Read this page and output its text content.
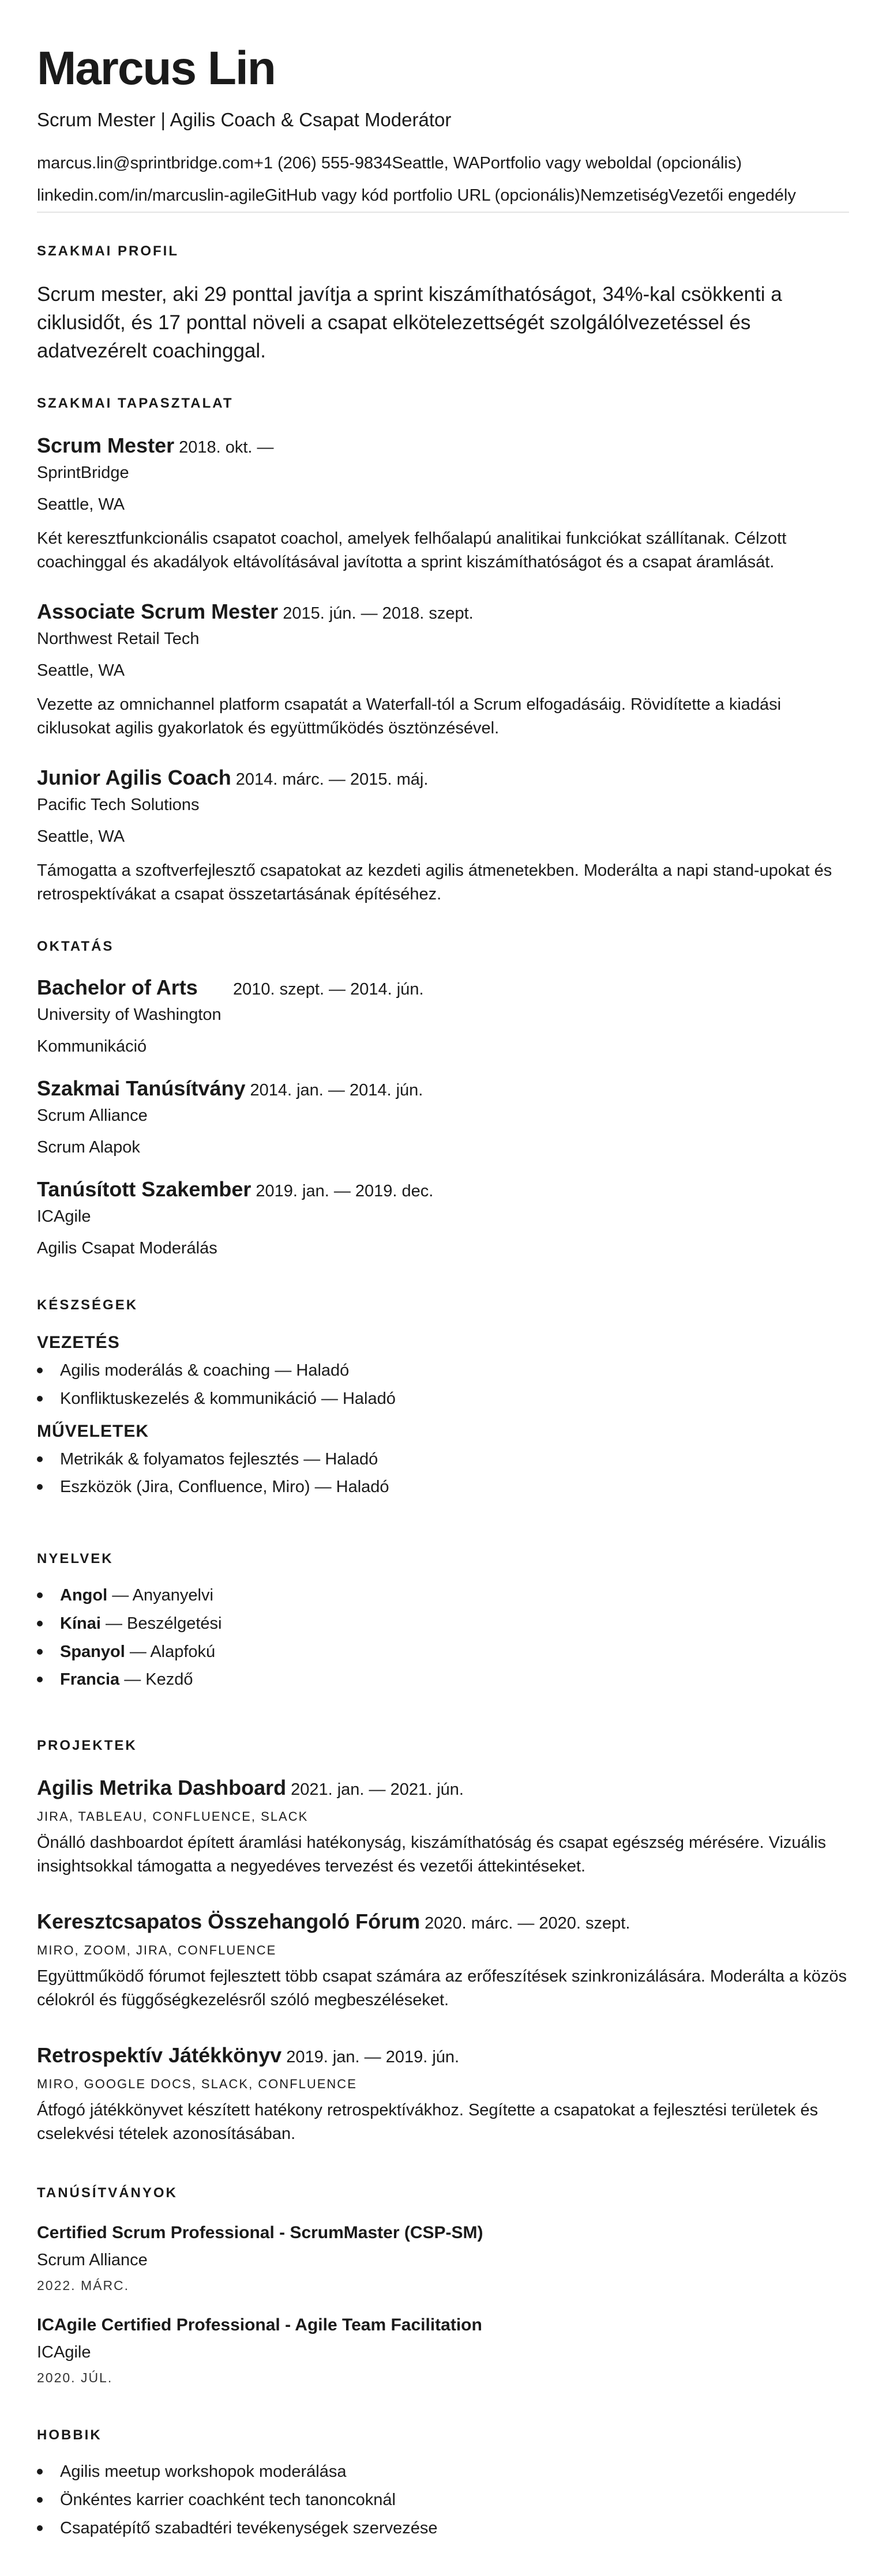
Marcus Lin
Scrum Mester | Agilis Coach & Csapat Moderátor
marcus.lin@sprintbridge.com +1 (206) 555-9834 Seattle, WA Portfolio vagy weboldal (opcionális)
linkedin.com/in/marcuslin-agile GitHub vagy kód portfolio URL (opcionális) Nemzetiség Vezetői engedély
SZAKMAI PROFIL
Scrum mester, aki 29 ponttal javítja a sprint kiszámíthatóságot, 34%-kal csökkenti a ciklusidőt, és 17 ponttal növeli a csapat elkötelezettségét szolgálólvezetéssel és adatvezérelt coachinggal.
SZAKMAI TAPASZTALAT
Scrum Mester 2018. okt. —
SprintBridge
Seattle, WA
Két keresztfunkcionális csapatot coachol, amelyek felhőalapú analitikai funkciókat szállítanak. Célzott coachinggal és akadályok eltávolításával javította a sprint kiszámíthatóságot és a csapat áramlását.
Associate Scrum Mester 2015. jún. — 2018. szept.
Northwest Retail Tech
Seattle, WA
Vezette az omnichannel platform csapatát a Waterfall-tól a Scrum elfogadásáig. Rövidítette a kiadási ciklusokat agilis gyakorlatok és együttműködés ösztönzésével.
Junior Agilis Coach 2014. márc. — 2015. máj.
Pacific Tech Solutions
Seattle, WA
Támogatta a szoftverfejlesztő csapatokat az kezdeti agilis átmenetekben. Moderálta a napi stand-upokat és retrospektívákat a csapat összetartásának építéséhez.
OKTATÁS
Bachelor of Arts	2010. szept. — 2014. jún.
University of Washington
Kommunikáció
Szakmai Tanúsítvány 2014. jan. — 2014. jún.
Scrum Alliance
Scrum Alapok
Tanúsított Szakember 2019. jan. — 2019. dec.
ICAgile
Agilis Csapat Moderálás
KÉSZSÉGEK
VEZETÉS
Agilis moderálás & coaching — Haladó
Konfliktuskezelés & kommunikáció — Haladó
MŰVELETEK
Metrikák & folyamatos fejlesztés — Haladó
Eszközök (Jira, Confluence, Miro) — Haladó
NYELVEK
Angol — Anyanyelvi
Kínai — Beszélgetési
Spanyol — Alapfokú
Francia — Kezdő
PROJEKTEK
Agilis Metrika Dashboard 2021. jan. — 2021. jún.
JIRA, TABLEAU, CONFLUENCE, SLACK
Önálló dashboardot épített áramlási hatékonyság, kiszámíthatóság és csapat egészség mérésére. Vizuális insightsokkal támogatta a negyedéves tervezést és vezetői áttekintéseket.
Keresztcsapatos Összehangoló Fórum 2020. márc. — 2020. szept.
MIRO, ZOOM, JIRA, CONFLUENCE
Együttműködő fórumot fejlesztett több csapat számára az erőfeszítések szinkronizálására. Moderálta a közös célokról és függőségkezelésről szóló megbeszéléseket.
Retrospektív Játékkönyv 2019. jan. — 2019. jún.
MIRO, GOOGLE DOCS, SLACK, CONFLUENCE
Átfogó játékkönyvet készített hatékony retrospektívákhoz. Segítette a csapatokat a fejlesztési területek és cselekvési tételek azonosításában.
TANÚSÍTVÁNYOK
Certified Scrum Professional - ScrumMaster (CSP-SM)
Scrum Alliance
2022. MÁRC.
ICAgile Certified Professional - Agile Team Facilitation
ICAgile
2020. JÚL.
HOBBIK
Agilis meetup workshopok moderálása
Önkéntes karrier coachként tech tanoncoknál
Csapatépítő szabadtéri tevékenységek szervezése
